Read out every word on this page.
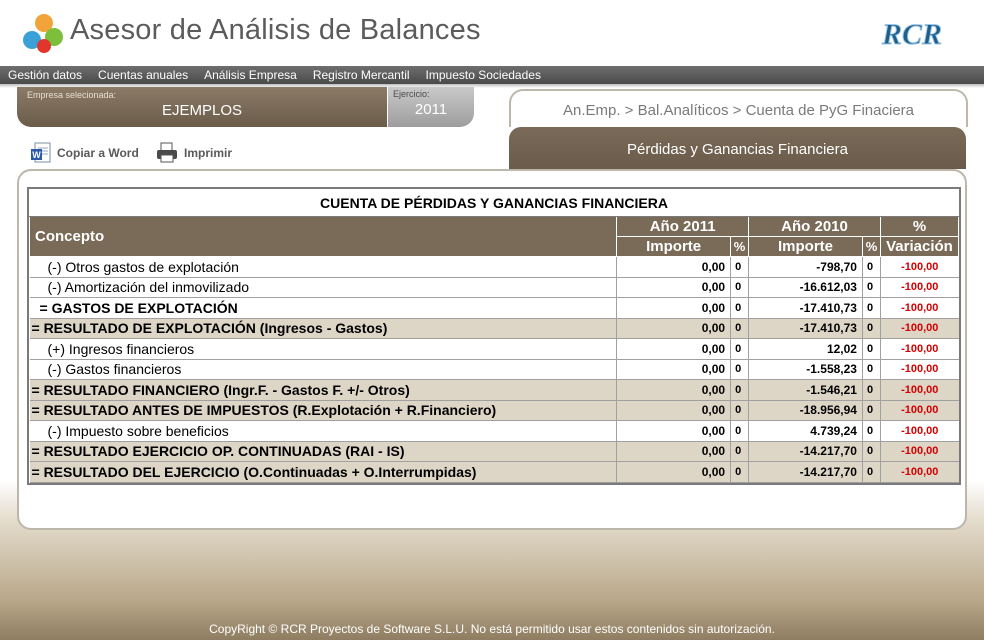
Asesor de Análisis de Balances	RCR
Gestión datos Cuentas anuales Análisis Empresa Registro Mercantil Impuesto Sociedades
Empresa selecionada:
EJEMPLOS
Ejercicio:
2011	An.Emp. > Bal.Analíticos > Cuenta de PyG Finaciera
Pérdidas y Ganancias Financiera
W Copiar a Word	Imprimir
CUENTA DE PÉRDIDAS Y GANANCIAS FINANCIERA					
Concepto	Año 2011		Año 2010		%
	Importe	%	Importe	%	Variación
(-) Otros gastos de explotación	0,00	0	-798,70	0	-100,00
(-) Amortización del inmovilizado	0,00	0	-16.612,03	0	-100,00
= GASTOS DE EXPLOTACIÓN	0,00	0	-17.410,73	0	-100,00
= RESULTADO DE EXPLOTACIÓN (Ingresos - Gastos)	0,00	0	-17.410,73	0	-100,00
(+) Ingresos financieros	0,00	0	12,02	0	-100,00
(-) Gastos financieros	0,00	0	-1.558,23	0	-100,00
= RESULTADO FINANCIERO (Ingr.F. - Gastos F. +/- Otros)	0,00	0	-1.546,21	0	-100,00
= RESULTADO ANTES DE IMPUESTOS (R.Explotación + R.Financiero)	0,00	0	-18.956,94	0	-100,00
(-) Impuesto sobre beneficios	0,00	0	4.739,24	0	-100,00
= RESULTADO EJERCICIO OP. CONTINUADAS (RAI - IS)	0,00	0	-14.217,70	0	-100,00
= RESULTADO DEL EJERCICIO (O.Continuadas + O.Interrumpidas)	0,00	0	-14.217,70	0	-100,00
CopyRight © RCR Proyectos de Software S.L.U. No está permitido usar estos contenidos sin autorización.
